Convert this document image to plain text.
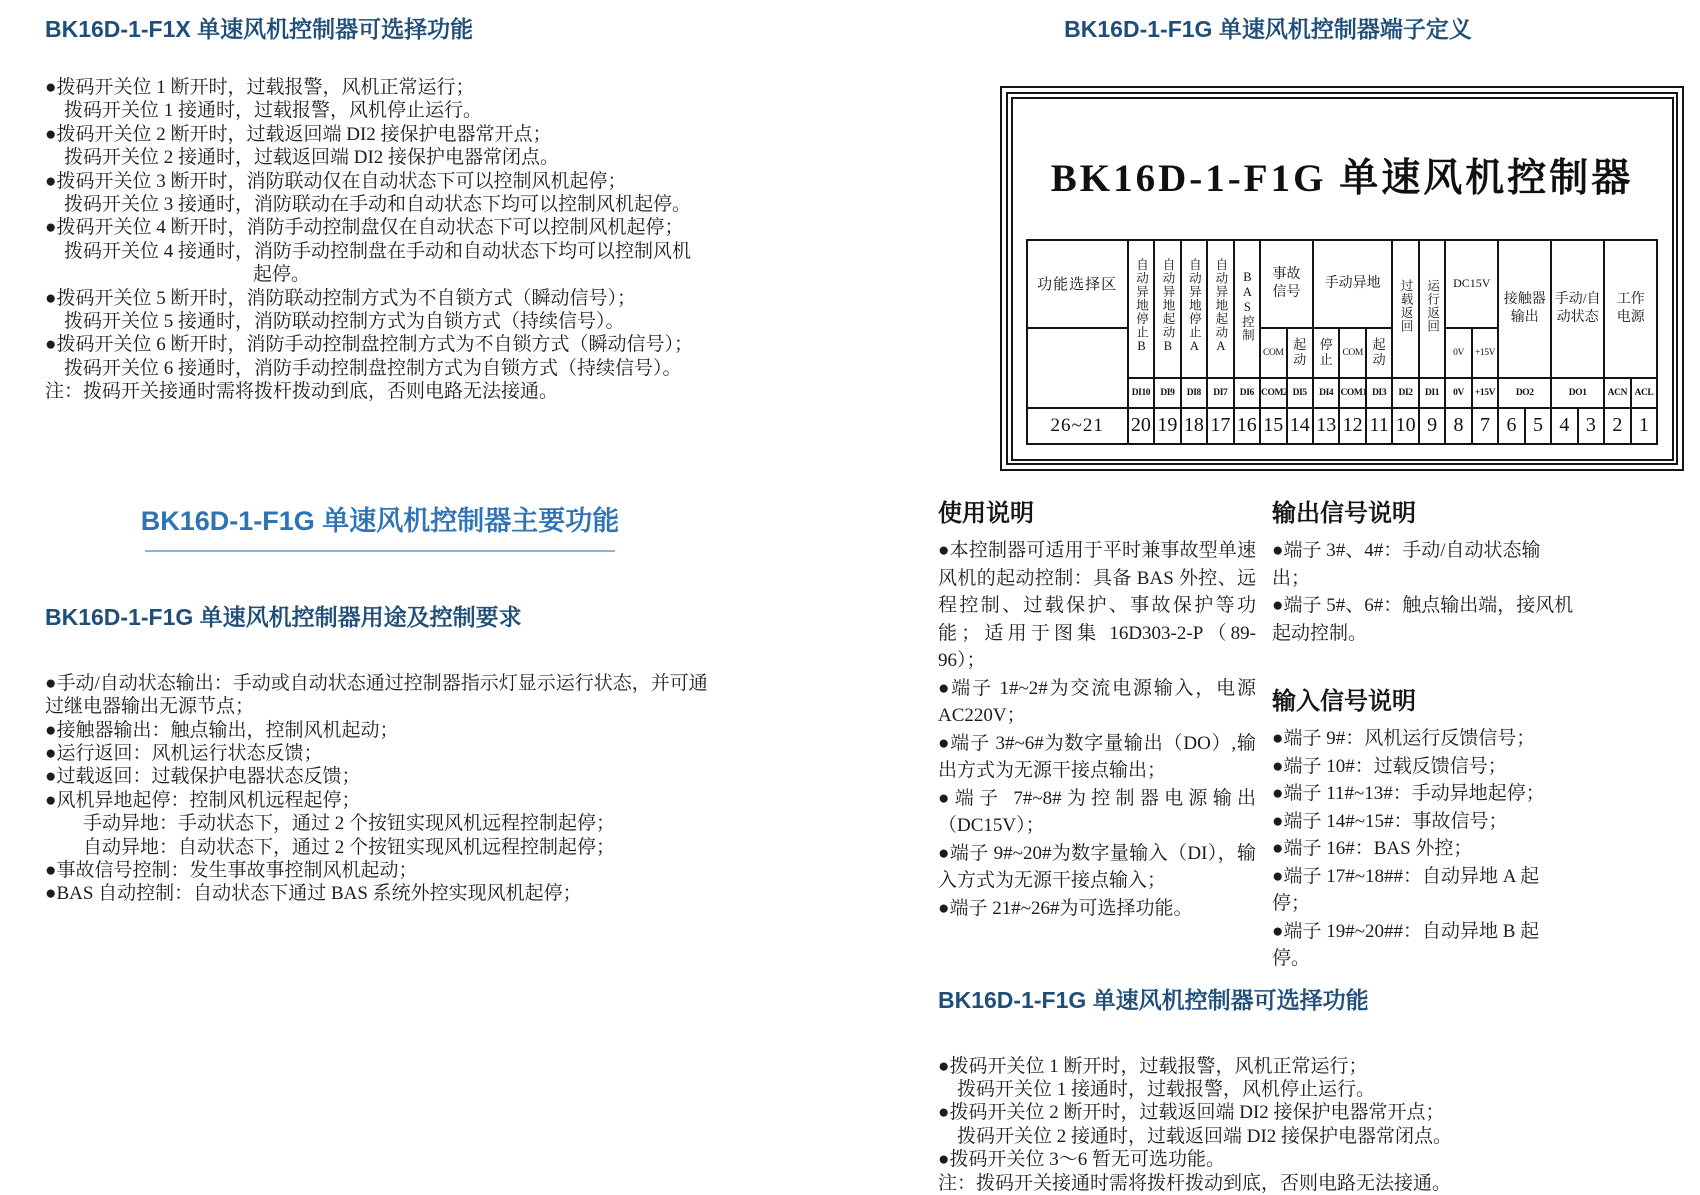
BK16D-1-F1X 单速风机控制器可选择功能

●拨码开关位 1 断开时，过载报警，风机正常运行；

拨码开关位 1 接通时，过载报警，风机停止运行。

●拨码开关位 2 断开时，过载返回端 DI2 接保护电器常开点；

拨码开关位 2 接通时，过载返回端 DI2 接保护电器常闭点。

●拨码开关位 3 断开时，消防联动仅在自动状态下可以控制风机起停；

拨码开关位 3 接通时，消防联动在手动和自动状态下均可以控制风机起停。

●拨码开关位 4 断开时，消防手动控制盘仅在自动状态下可以控制风机起停；

拨码开关位 4 接通时，消防手动控制盘在手动和自动状态下均可以控制风机

起停。

●拨码开关位 5 断开时，消防联动控制方式为不自锁方式（瞬动信号）；

拨码开关位 5 接通时，消防联动控制方式为自锁方式（持续信号）。

●拨码开关位 6 断开时，消防手动控制盘控制方式为不自锁方式（瞬动信号）；

拨码开关位 6 接通时，消防手动控制盘控制方式为自锁方式（持续信号）。

注：拨码开关接通时需将拨杆拨动到底，否则电路无法接通。

BK16D-1-F1G 单速风机控制器主要功能
BK16D-1-F1G 单速风机控制器用途及控制要求

●手动/自动状态输出：手动或自动状态通过控制器指示灯显示运行状态，并可通过继电器输出无源节点；

●接触器输出：触点输出，控制风机起动；

●运行返回：风机运行状态反馈；

●过载返回：过载保护电器状态反馈；

●风机异地起停：控制风机远程起停；

手动异地：手动状态下，通过 2 个按钮实现风机远程控制起停；

自动异地：自动状态下，通过 2 个按钮实现风机远程控制起停；

●事故信号控制：发生事故事控制风机起动；

●BAS 自动控制：自动状态下通过 BAS 系统外控实现风机起停；

BK16D-1-F1G 单速风机控制器端子定义
BK16D-1-F1G 单速风机控制器
功能选择区	自动异地停止B	自动异地起动B	自动异地停止A	自动异地起动A	BAS控制	事故信号		手动异地			过载返回	运行返回	DC15V		接触器输出		手动/自动状态		工作电源	
						COM	起动	停止	COM	起动			0V	+15V						
	DI10	DI9	DI8	DI7	DI6	COM2	DI5	DI4	COM1	DI3	DI2	DI1	0V	+15V	DO2		DO1		ACN	ACL
26~21	20	19	18	17	16	15	14	13	12	11	10	9	8	7	6	5	4	3	2	1
使用说明

●本控制器可适用于平时兼事故型单速风机的起动控制：具备 BAS 外控、远程控制、过载保护、事故保护等功能；适用于图集 16D303-2-P（89-96）；

●端子 1#~2#为交流电源输入，电源 AC220V；

●端子 3#~6#为数字量输出（DO）,输出方式为无源干接点输出；

●端子 7#~8#为控制器电源输出（DC15V）；

●端子 9#~20#为数字量输入（DI），输入方式为无源干接点输入；

●端子 21#~26#为可选择功能。

输出信号说明

●端子 3#、4#：手动/自动状态输出；

●端子 5#、6#：触点输出端，接风机起动控制。

输入信号说明

●端子 9#：风机运行反馈信号；

●端子 10#：过载反馈信号；

●端子 11#~13#：手动异地起停；

●端子 14#~15#：事故信号；

●端子 16#：BAS 外控；

●端子 17#~18##：自动异地 A 起停；

●端子 19#~20##：自动异地 B 起停。

BK16D-1-F1G 单速风机控制器可选择功能

●拨码开关位 1 断开时，过载报警，风机正常运行；

拨码开关位 1 接通时，过载报警，风机停止运行。

●拨码开关位 2 断开时，过载返回端 DI2 接保护电器常开点；

拨码开关位 2 接通时，过载返回端 DI2 接保护电器常闭点。

●拨码开关位 3～6 暂无可选功能。

注：拨码开关接通时需将拨杆拨动到底，否则电路无法接通。
